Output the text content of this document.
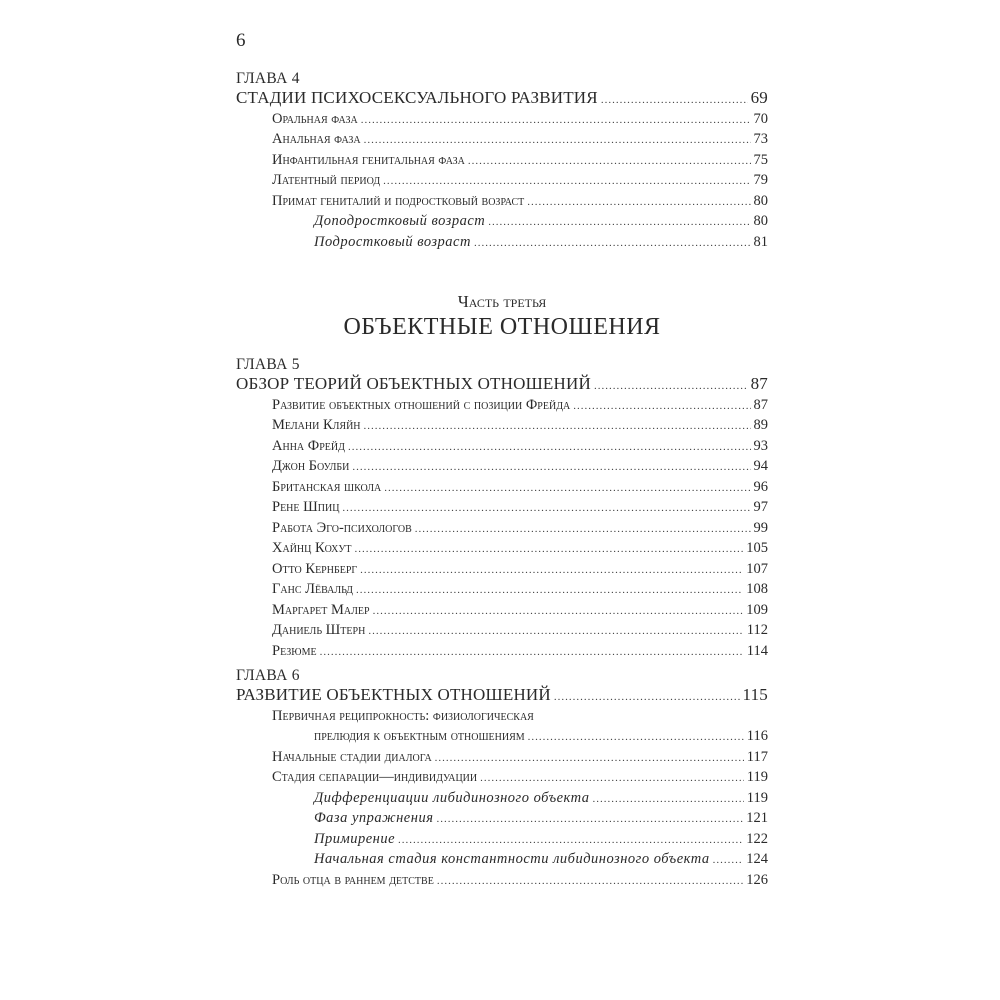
6
ГЛАВА 4
СТАДИИ ПСИХОСЕКСУАЛЬНОГО РАЗВИТИЯ .....	69
Оральная фаза .....	70
Анальная фаза .....	73
Инфантильная генитальная фаза .....	75
Латентный период .....	79
Примат гениталий и подростковый возраст .....	80
Доподростковый возраст .....	80
Подростковый возраст .....	81
Часть третья
ОБЪЕКТНЫЕ ОТНОШЕНИЯ
ГЛАВА 5
ОБЗОР ТЕОРИЙ ОБЪЕКТНЫХ ОТНОШЕНИЙ .....	87
Развитие объектных отношений с позиции Фрейда .....	87
Мелани Кляйн .....	89
Анна Фрейд .....	93
Джон Боулби .....	94
Британская школа .....	96
Рене Шпиц .....	97
Работа Эго-психологов .....	99
Хайнц Кохут .....	105
Отто Кернберг .....	107
Ганс Лёвальд .....	108
Маргарет Малер .....	109
Даниель Штерн .....	112
Резюме .....	114
ГЛАВА 6
РАЗВИТИЕ ОБЪЕКТНЫХ ОТНОШЕНИЙ .....	115
Первичная реципрокность: физиологическая
прелюдия к объектным отношениям .....	116
Начальные стадии диалога .....	117
Стадия сепарации—индивидуации .....	119
Дифференциации либидинозного объекта .....	119
Фаза упражнения .....	121
Примирение .....	122
Начальная стадия константности либидинозного объекта .....	124
Роль отца в раннем детстве .....	126
